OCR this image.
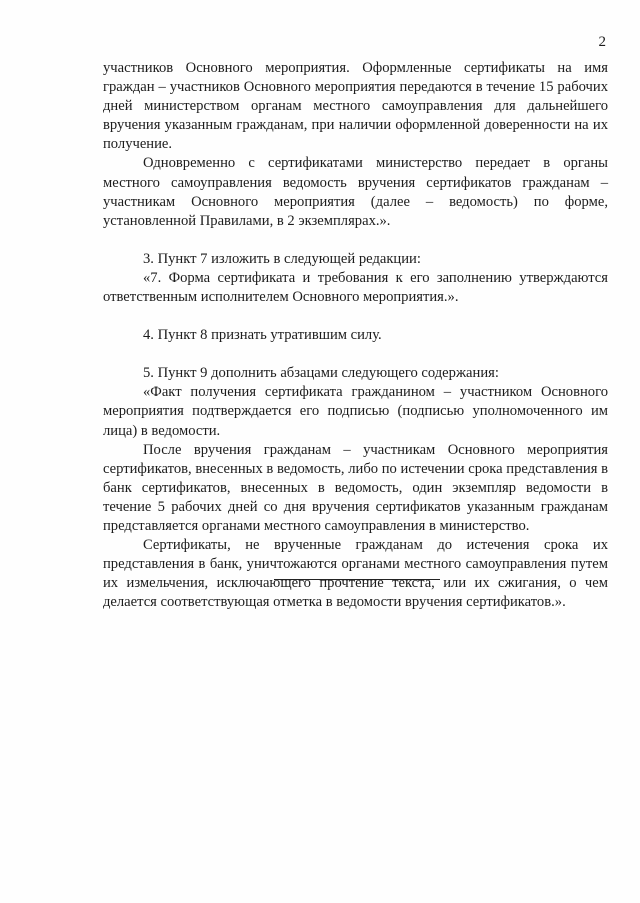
2

участников Основного мероприятия. Оформленные сертификаты на имя граждан – участников Основного мероприятия передаются в течение 15 рабочих дней министерством органам местного самоуправления для дальнейшего вручения указанным гражданам, при наличии оформленной доверенности на их получение.

Одновременно с сертификатами министерство передает в органы местного самоуправления ведомость вручения сертификатов гражданам – участникам Основного мероприятия (далее – ведомость) по форме, установленной Правилами, в 2 экземплярах.».

3. Пункт 7 изложить в следующей редакции:

«7. Форма сертификата и требования к его заполнению утверждаются ответственным исполнителем Основного мероприятия.».

4. Пункт 8 признать утратившим силу.

5. Пункт 9 дополнить абзацами следующего содержания:

«Факт получения сертификата гражданином – участником Основного мероприятия подтверждается его подписью (подписью уполномоченного им лица) в ведомости.

После вручения гражданам – участникам Основного мероприятия сертификатов, внесенных в ведомость, либо по истечении срока представления в банк сертификатов, внесенных в ведомость, один экземпляр ведомости в течение 5 рабочих дней со дня вручения сертификатов указанным гражданам представляется органами местного самоуправления в министерство.

Сертификаты, не врученные гражданам до истечения срока их представления в банк, уничтожаются органами местного самоуправления путем их измельчения, исключающего прочтение текста, или их сжигания, о чем делается соответствующая отметка в ведомости вручения сертификатов.».
